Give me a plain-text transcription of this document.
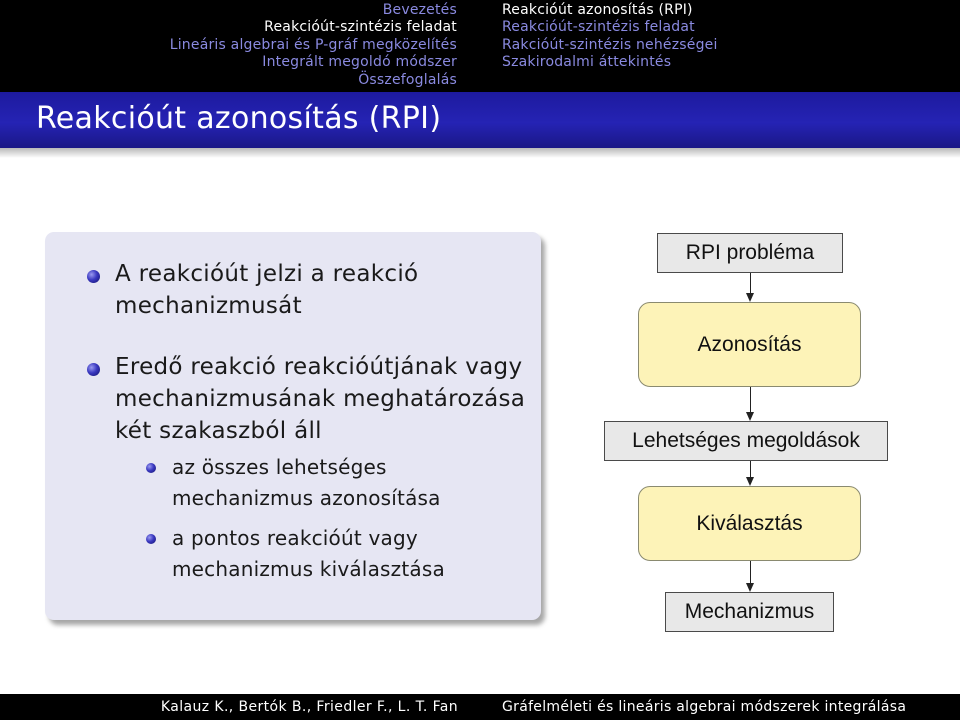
Bevezetés
Reakcióút-szintézis feladat
Lineáris algebrai és P-gráf megközelítés
Integrált megoldó módszer
Összefoglalás
Reakcióút azonosítás (RPI)
Reakcióút-szintézis feladat
Rakcióút-szintézis nehézségei
Szakirodalmi áttekintés
Reakcióút azonosítás (RPI)
A reakcióút jelzi a reakció
mechanizmusát
Eredő reakció reakcióútjának vagy
mechanizmusának meghatározása
két szakaszból áll
az összes lehetséges
mechanizmus azonosítása
a pontos reakcióút vagy
mechanizmus kiválasztása
RPI probléma
Azonosítás
Lehetséges megoldások
Kiválasztás
Mechanizmus
Kalauz K., Bertók B., Friedler F., L. T. Fan	Gráfelméleti és lineáris algebrai módszerek integrálása
